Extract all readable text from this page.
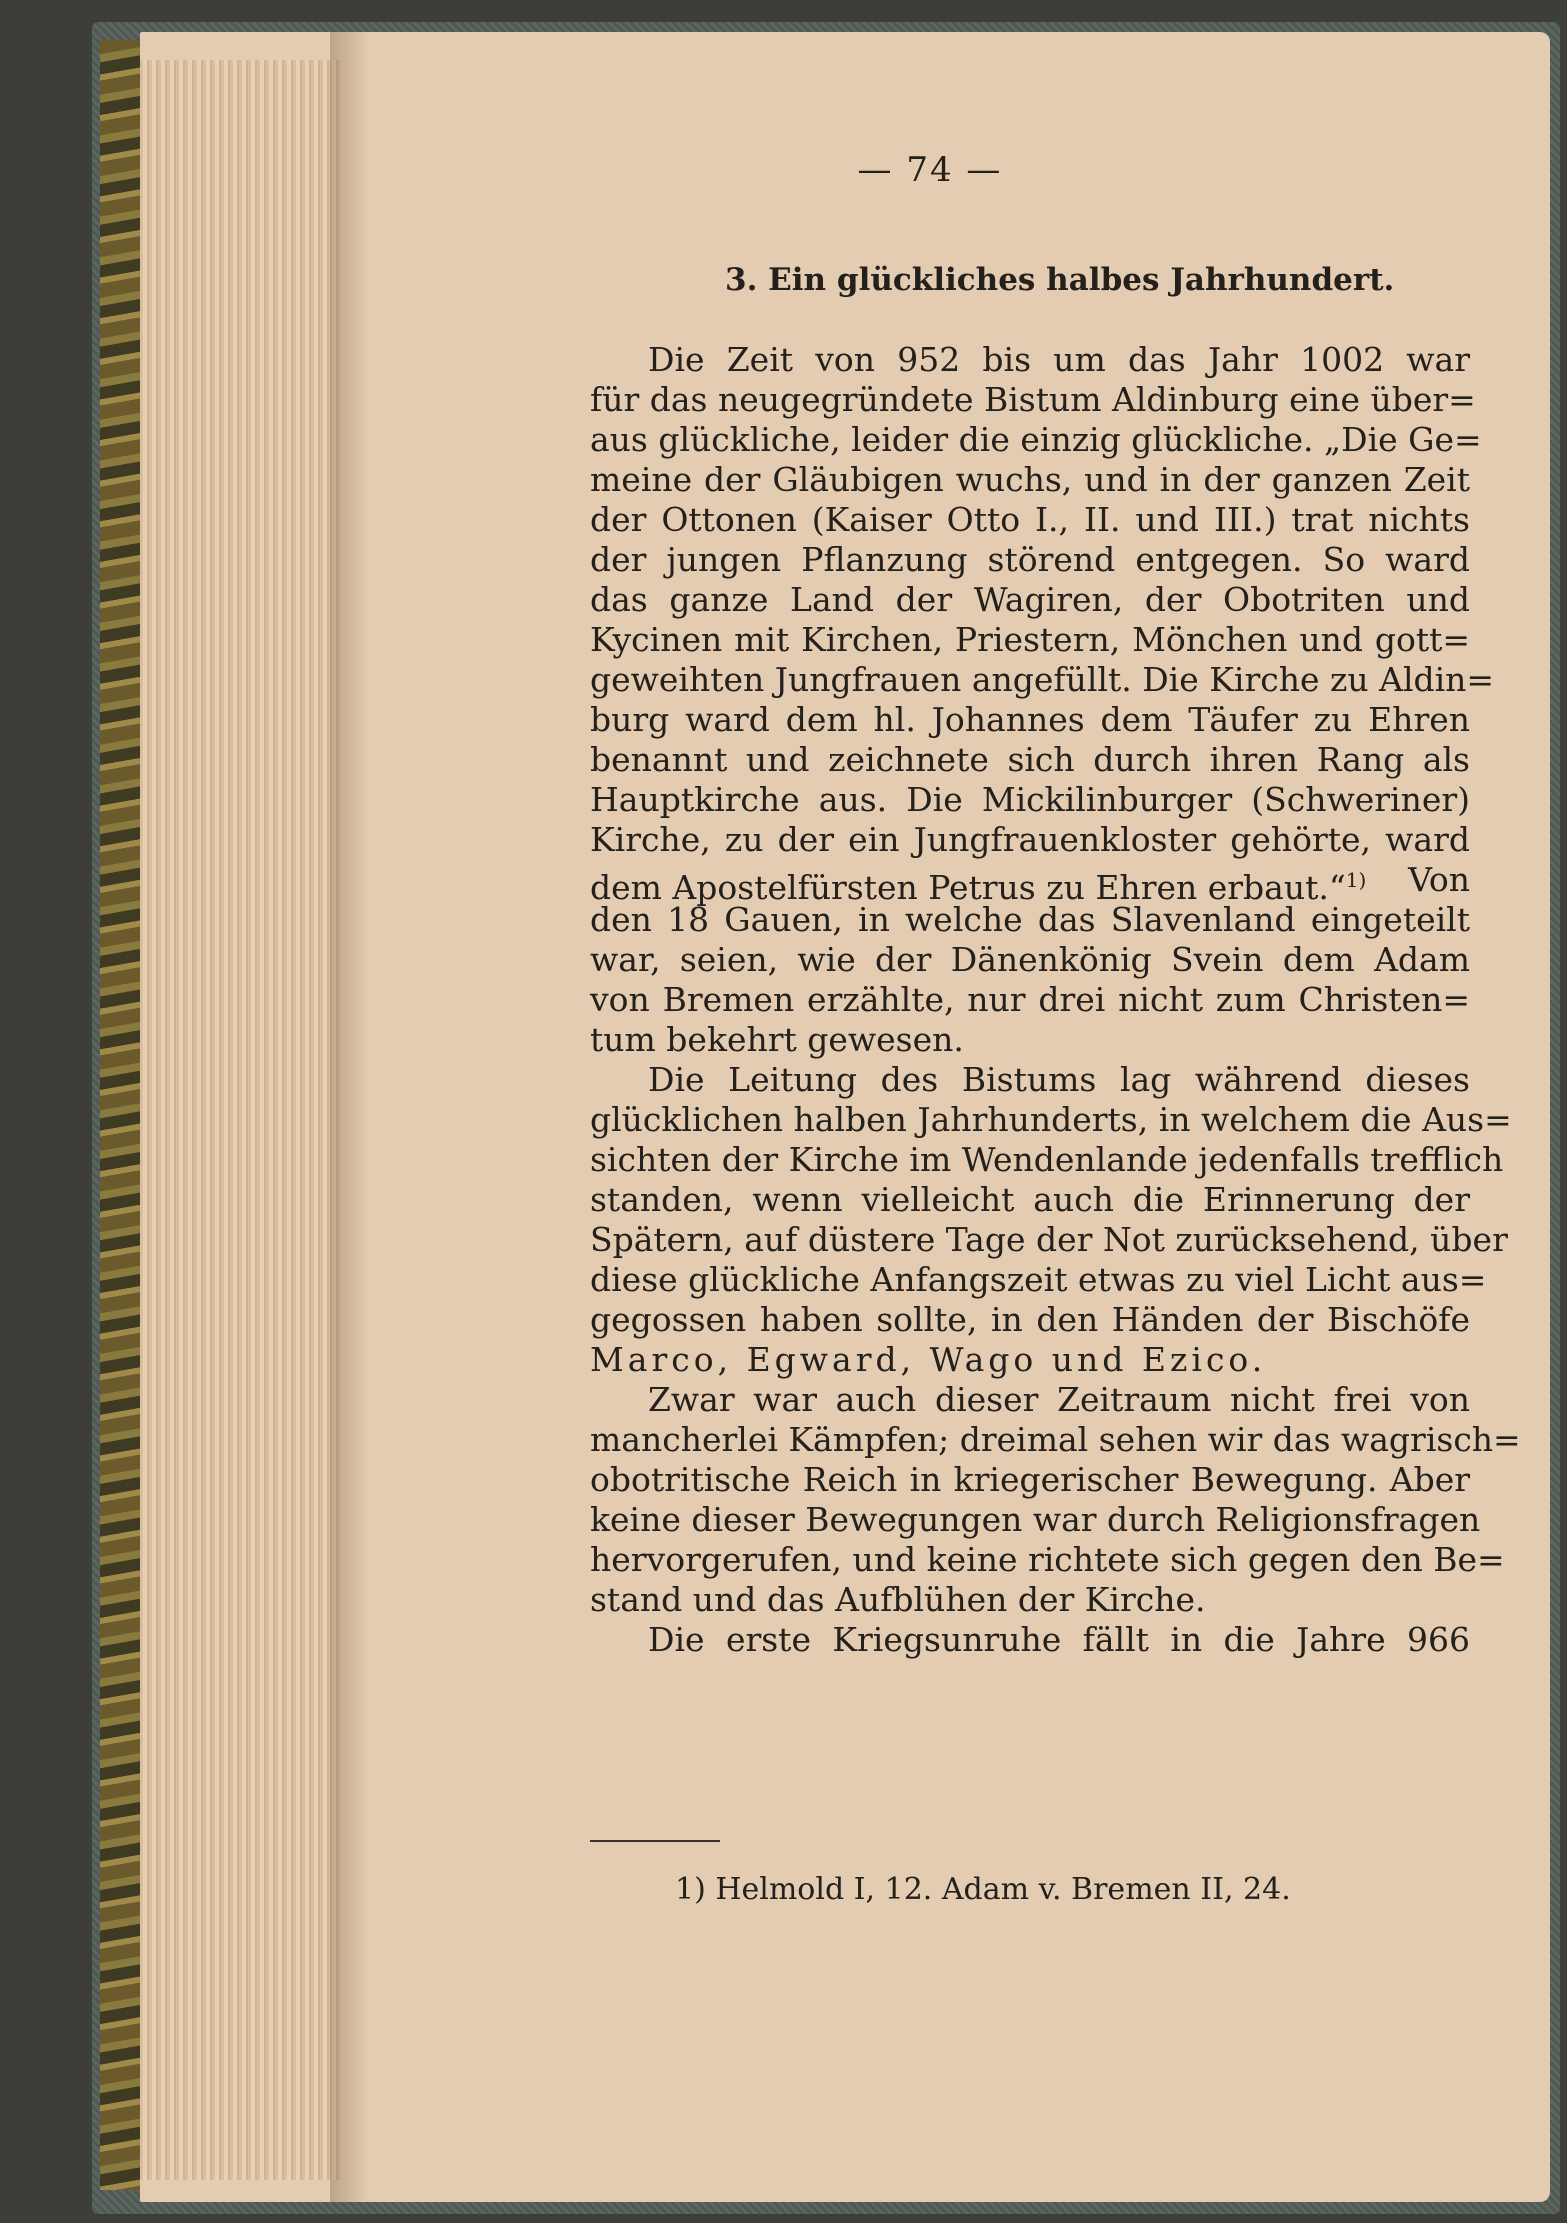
— 74 —
3. Ein glückliches halbes Jahrhundert.
Die Zeit von 952 bis um das Jahr 1002 war
für das neugegründete Bistum Aldinburg eine über=
aus glückliche, leider die einzig glückliche. „Die Ge=
meine der Gläubigen wuchs, und in der ganzen Zeit
der Ottonen (Kaiser Otto I., II. und III.) trat nichts
der jungen Pflanzung störend entgegen. So ward
das ganze Land der Wagiren, der Obotriten und
Kycinen mit Kirchen, Priestern, Mönchen und gott=
geweihten Jungfrauen angefüllt. Die Kirche zu Aldin=
burg ward dem hl. Johannes dem Täufer zu Ehren
benannt und zeichnete sich durch ihren Rang als
Hauptkirche aus. Die Mickilinburger (Schweriner)
Kirche, zu der ein Jungfrauenkloster gehörte, ward
dem Apostelfürsten Petrus zu Ehren erbaut.“$^{1)}$ Von
den 18 Gauen, in welche das Slavenland eingeteilt
war, seien, wie der Dänenkönig Svein dem Adam
von Bremen erzählte, nur drei nicht zum Christen=
tum bekehrt gewesen.
Die Leitung des Bistums lag während dieses
glücklichen halben Jahrhunderts, in welchem die Aus=
sichten der Kirche im Wendenlande jedenfalls trefflich
standen, wenn vielleicht auch die Erinnerung der
Spätern, auf düstere Tage der Not zurücksehend, über
diese glückliche Anfangszeit etwas zu viel Licht aus=
gegossen haben sollte, in den Händen der Bischöfe
Marco, Egward, Wago und Ezico.
Zwar war auch dieser Zeitraum nicht frei von
mancherlei Kämpfen; dreimal sehen wir das wagrisch=
obotritische Reich in kriegerischer Bewegung. Aber
keine dieser Bewegungen war durch Religionsfragen
hervorgerufen, und keine richtete sich gegen den Be=
stand und das Aufblühen der Kirche.
Die erste Kriegsunruhe fällt in die Jahre 966
1) Helmold I, 12. Adam v. Bremen II, 24.
